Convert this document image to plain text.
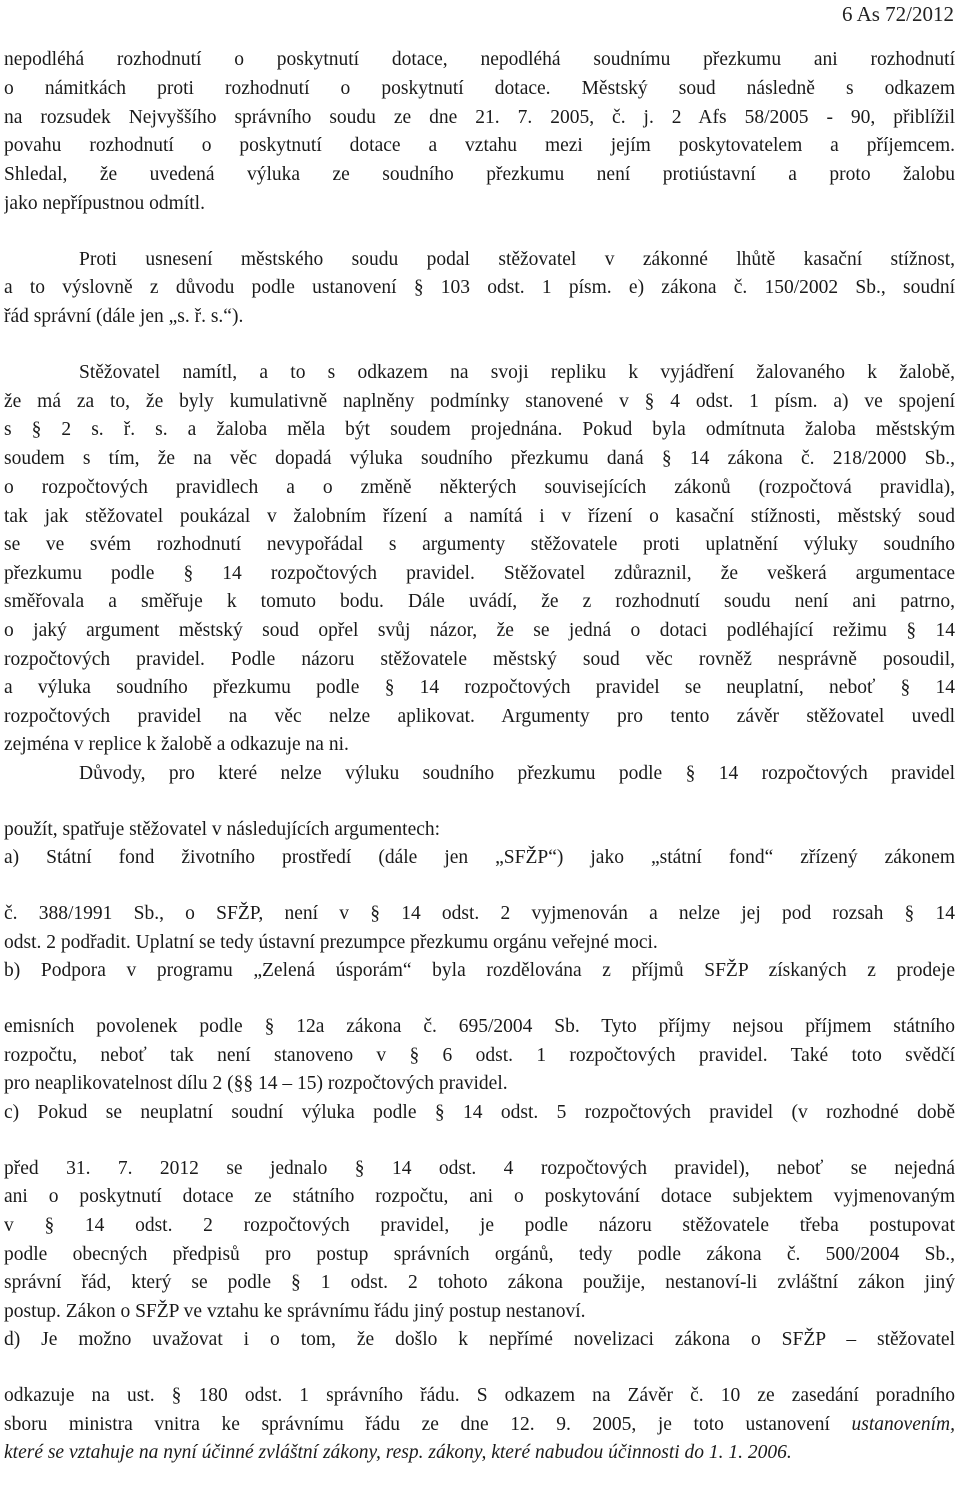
6 As 72/2012
nepodléhá rozhodnutí o poskytnutí dotace, nepodléhá soudnímu přezkumu ani rozhodnutí
o námitkách proti rozhodnutí o poskytnutí dotace. Městský soud následně s odkazem
na rozsudek Nejvyššího správního soudu ze dne 21. 7. 2005, č. j. 2 Afs 58/2005 - 90, přiblížil
povahu rozhodnutí o poskytnutí dotace a vztahu mezi jejím poskytovatelem a příjemcem.
Shledal, že uvedená výluka ze soudního přezkumu není protiústavní a proto žalobu
jako nepřípustnou odmítl.
Proti usnesení městského soudu podal stěžovatel v zákonné lhůtě kasační stížnost,
a to výslovně z důvodu podle ustanovení § 103 odst. 1 písm. e) zákona č. 150/2002 Sb., soudní
řád správní (dále jen „s. ř. s.“).
Stěžovatel namítl, a to s odkazem na svoji repliku k vyjádření žalovaného k žalobě,
že má za to, že byly kumulativně naplněny podmínky stanovené v § 4 odst. 1 písm. a) ve spojení
s § 2 s. ř. s. a žaloba měla být soudem projednána. Pokud byla odmítnuta žaloba městským
soudem s tím, že na věc dopadá výluka soudního přezkumu daná § 14 zákona č. 218/2000 Sb.,
o rozpočtových pravidlech a o změně některých souvisejících zákonů (rozpočtová pravidla),
tak jak stěžovatel poukázal v žalobním řízení a namítá i v řízení o kasační stížnosti, městský soud
se ve svém rozhodnutí nevypořádal s argumenty stěžovatele proti uplatnění výluky soudního
přezkumu podle § 14 rozpočtových pravidel. Stěžovatel zdůraznil, že veškerá argumentace
směřovala a směřuje k tomuto bodu. Dále uvádí, že z rozhodnutí soudu není ani patrno,
o jaký argument městský soud opřel svůj názor, že se jedná o dotaci podléhající režimu § 14
rozpočtových pravidel. Podle názoru stěžovatele městský soud věc rovněž nesprávně posoudil,
a výluka soudního přezkumu podle § 14 rozpočtových pravidel se neuplatní, neboť § 14
rozpočtových pravidel na věc nelze aplikovat. Argumenty pro tento závěr stěžovatel uvedl
zejména v replice k žalobě a odkazuje na ni.
Důvody, pro které nelze výluku soudního přezkumu podle § 14 rozpočtových pravidel
použít, spatřuje stěžovatel v následujících argumentech:
a) Státní fond životního prostředí (dále jen „SFŽP“) jako „státní fond“ zřízený zákonem
č. 388/1991 Sb., o SFŽP, není v § 14 odst. 2 vyjmenován a nelze jej pod rozsah § 14
odst. 2 podřadit. Uplatní se tedy ústavní prezumpce přezkumu orgánu veřejné moci.
b) Podpora v programu „Zelená úsporám“ byla rozdělována z příjmů SFŽP získaných z prodeje
emisních povolenek podle § 12a zákona č. 695/2004 Sb. Tyto příjmy nejsou příjmem státního
rozpočtu, neboť tak není stanoveno v § 6 odst. 1 rozpočtových pravidel. Také toto svědčí
pro neaplikovatelnost dílu 2 (§§ 14 – 15) rozpočtových pravidel.
c) Pokud se neuplatní soudní výluka podle § 14 odst. 5 rozpočtových pravidel (v rozhodné době
před 31. 7. 2012 se jednalo § 14 odst. 4 rozpočtových pravidel), neboť se nejedná
ani o poskytnutí dotace ze státního rozpočtu, ani o poskytování dotace subjektem vyjmenovaným
v § 14 odst. 2 rozpočtových pravidel, je podle názoru stěžovatele třeba postupovat
podle obecných předpisů pro postup správních orgánů, tedy podle zákona č. 500/2004 Sb.,
správní řád, který se podle § 1 odst. 2 tohoto zákona použije, nestanoví-li zvláštní zákon jiný
postup. Zákon o SFŽP ve vztahu ke správnímu řádu jiný postup nestanoví.
d) Je možno uvažovat i o tom, že došlo k nepřímé novelizaci zákona o SFŽP – stěžovatel
odkazuje na ust. § 180 odst. 1 správního řádu. S odkazem na Závěr č. 10 ze zasedání poradního
sboru ministra vnitra ke správnímu řádu ze dne 12. 9. 2005, je toto ustanovení ustanovením,
které se vztahuje na nyní účinné zvláštní zákony, resp. zákony, které nabudou účinnosti do 1. 1. 2006.
